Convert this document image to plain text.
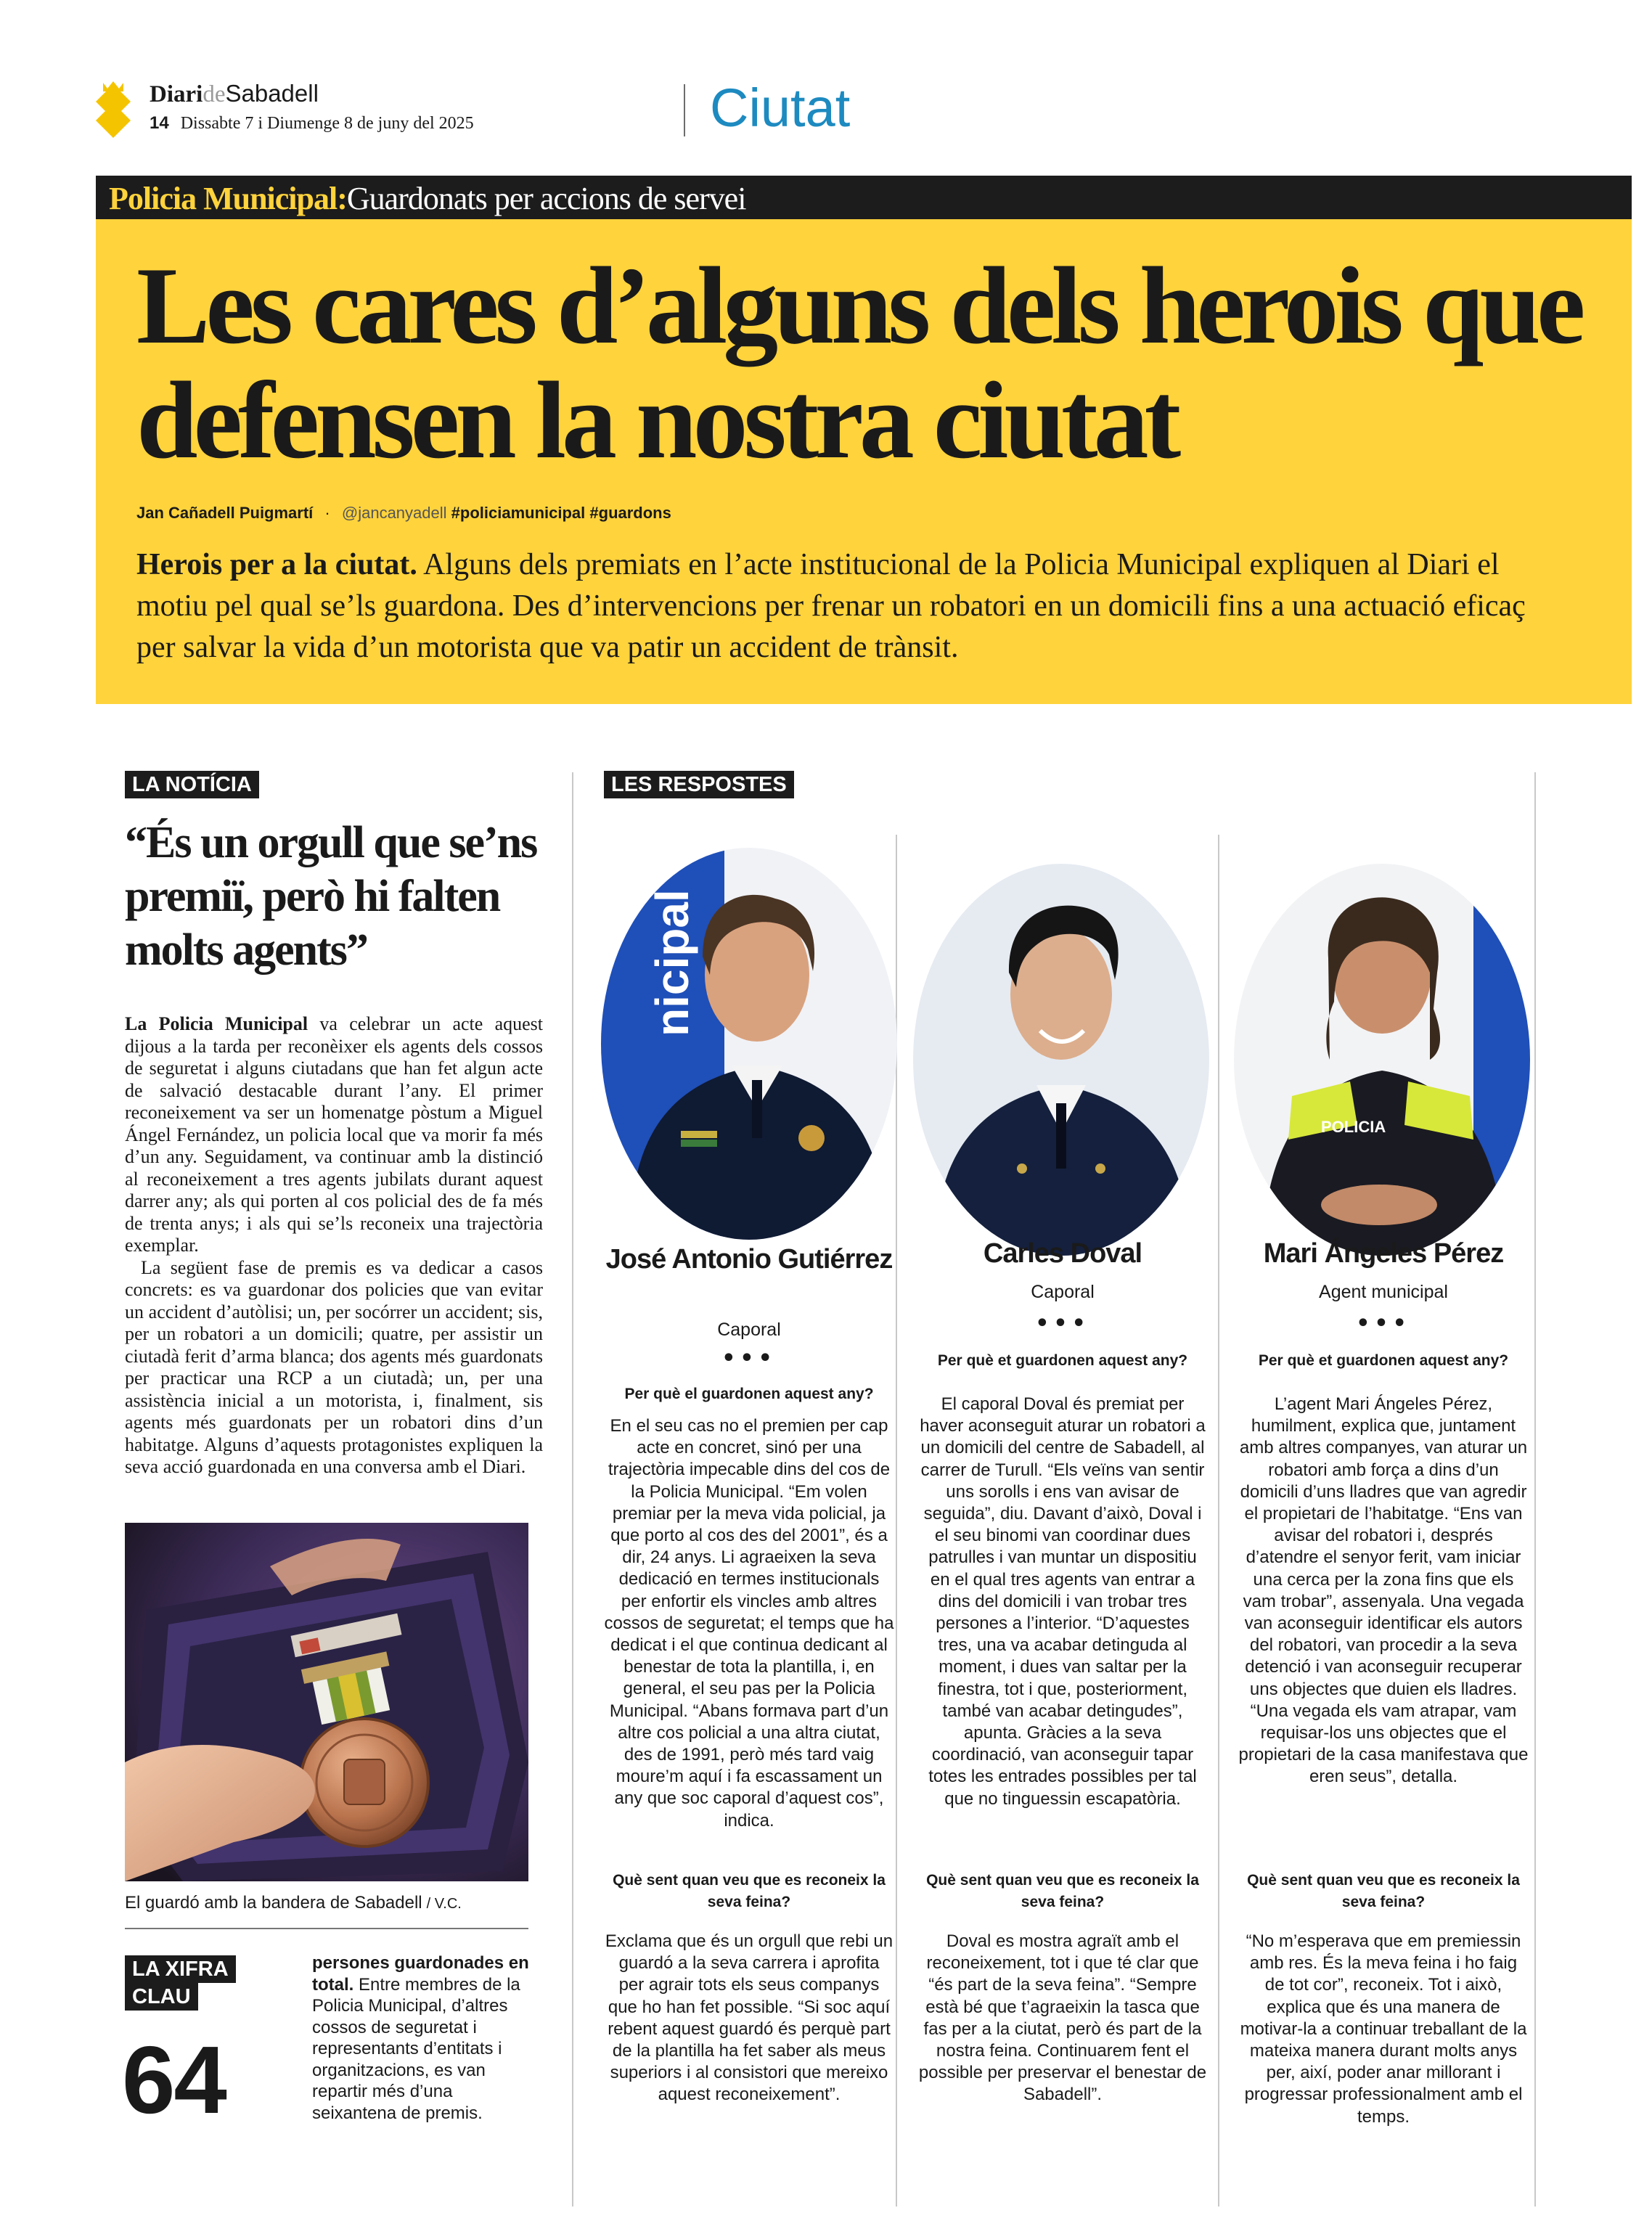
DiarideSabadell
14 Dissabte 7 i Diumenge 8 de juny del 2025	Ciutat
Policia Municipal:Guardonats per accions de servei
Les cares d’alguns dels herois que defensen la nostra ciutat
Jan Cañadell Puigmartí · @jancanyadell #policiamunicipal #guardons

Herois per a la ciutat. Alguns dels premiats en l’acte institucional de la Policia Municipal expliquen al Diari el motiu pel qual se’ls guardona. Des d’intervencions per frenar un robatori en un domicili fins a una actuació eficaç per salvar la vida d’un motorista que va patir un accident de trànsit.

LA NOTÍCIA
“És un orgull que se’ns premiï, però hi falten molts agents”

La Policia Municipal va celebrar un acte aquest dijous a la tarda per reconèixer els agents dels cossos de seguretat i alguns ciutadans que han fet algun acte de salvació destacable durant l’any. El primer reconeixement va ser un homenatge pòstum a Miguel Ángel Fernández, un policia local que va morir fa més d’un any. Seguidament, va continuar amb la distinció al reconeixement a tres agents jubilats durant aquest darrer any; als qui porten al cos policial des de fa més de trenta anys; i als qui se’ls reconeix una trajectòria exemplar.

La següent fase de premis es va dedicar a casos concrets: es va guardonar dos policies que van evitar un accident d’autòlisi; un, per socórrer un accident; sis, per un robatori a un domicili; quatre, per assistir un ciutadà ferit d’arma blanca; dos agents més guardonats per practicar una RCP a un ciutadà; un, per una assistència inicial a un motorista, i, finalment, sis agents més guardonats per un robatori dins d’un habitatge. Alguns d’aquests protagonistes expliquen la seva acció guardonada en una conversa amb el Diari.

El guardó amb la bandera de Sabadell / V.C.
LA XIFRA
CLAU
64

persones guardonades en total. Entre membres de la Policia Municipal, d’altres cossos de seguretat i representants d’entitats i organitzacions, es van repartir més d’una seixantena de premis.

LES RESPOSTES
nicipal
José Antonio Gutiérrez
Caporal
•••
Per què el guardonen aquest any?

En el seu cas no el premien per cap acte en concret, sinó per una trajectòria impecable dins del cos de la Policia Municipal. “Em volen premiar per la meva vida policial, ja que porto al cos des del 2001”, és a dir, 24 anys. Li agraeixen la seva dedicació en termes institucionals per enfortir els vincles amb altres cossos de seguretat; el temps que ha dedicat i el que continua dedicant al benestar de tota la plantilla, i, en general, el seu pas per la Policia Municipal. “Abans formava part d’un altre cos policial a una altra ciutat, des de 1991, però més tard vaig moure’m aquí i fa escassament un any que soc caporal d’aquest cos”, indica.

Què sent quan veu que es reconeix la seva feina?

Exclama que és un orgull que rebi un guardó a la seva carrera i aprofita per agrair tots els seus companys que ho han fet possible. “Si soc aquí rebent aquest guardó és perquè part de la plantilla ha fet saber als meus superiors i al consistori que mereixo aquest reconeixement”.

Carles Doval
Caporal
•••
Per què et guardonen aquest any?

El caporal Doval és premiat per haver aconseguit aturar un robatori a un domicili del centre de Sabadell, al carrer de Turull. “Els veïns van sentir uns sorolls i ens van avisar de seguida”, diu. Davant d’això, Doval i el seu binomi van coordinar dues patrulles i van muntar un dispositiu en el qual tres agents van entrar a dins del domicili i van trobar tres persones a l’interior. “D’aquestes tres, una va acabar detinguda al moment, i dues van saltar per la finestra, tot i que, posteriorment, també van acabar detingudes”, apunta. Gràcies a la seva coordinació, van aconseguir tapar totes les entrades possibles per tal que no tinguessin escapatòria.

Què sent quan veu que es reconeix la seva feina?

Doval es mostra agraït amb el reconeixement, tot i que té clar que “és part de la seva feina”. “Sempre està bé que t’agraeixin la tasca que fas per a la ciutat, però és part de la nostra feina. Continuarem fent el possible per preservar el benestar de Sabadell”.

POLICIA
Mari Ángeles Pérez
Agent municipal
•••
Per què et guardonen aquest any?

L’agent Mari Ángeles Pérez, humilment, explica que, juntament amb altres companyes, van aturar un robatori amb força a dins d’un domicili d’uns lladres que van agredir el propietari de l’habitatge. “Ens van avisar del robatori i, després d’atendre el senyor ferit, vam iniciar una cerca per la zona fins que els vam trobar”, assenyala. Una vegada van aconseguir identificar els autors del robatori, van procedir a la seva detenció i van aconseguir recuperar uns objectes que duien els lladres. “Una vegada els vam atrapar, vam requisar-los uns objectes que el propietari de la casa manifestava que eren seus”, detalla.

Què sent quan veu que es reconeix la seva feina?

“No m’esperava que em premiessin amb res. És la meva feina i ho faig de tot cor”, reconeix. Tot i això, explica que és una manera de motivar-la a continuar treballant de la mateixa manera durant molts anys per, així, poder anar millorant i progressar professionalment amb el temps.
